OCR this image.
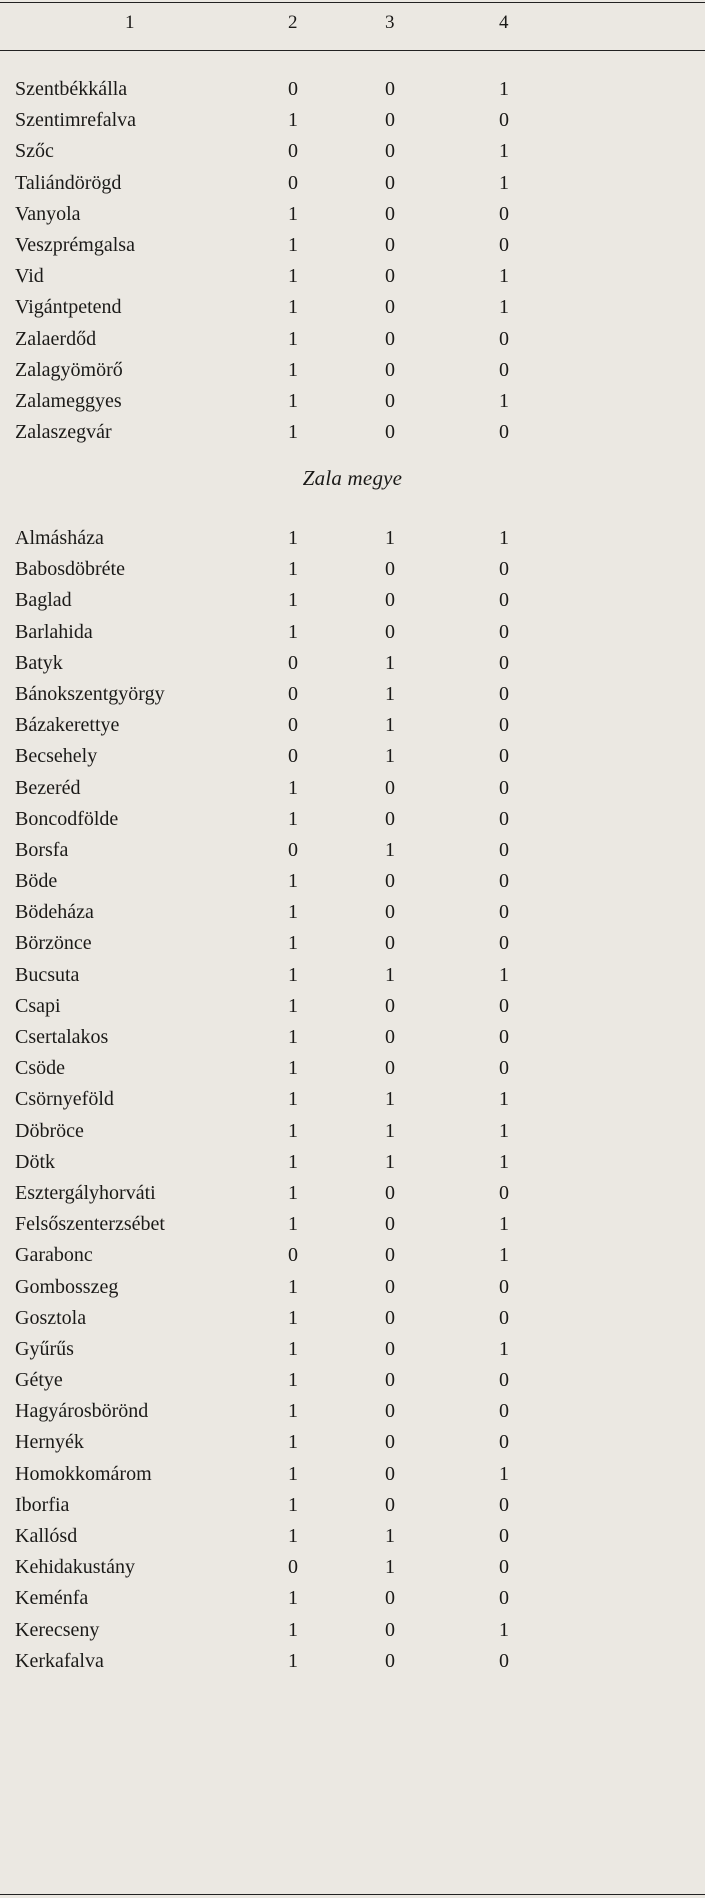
1	2	3	4
Szentbékkálla	0	0	1
Szentimrefalva	1	0	0
Szőc	0	0	1
Taliándörögd	0	0	1
Vanyola	1	0	0
Veszprémgalsa	1	0	0
Vid	1	0	1
Vigántpetend	1	0	1
Zalaerdőd	1	0	0
Zalagyömörő	1	0	0
Zalameggyes	1	0	1
Zalaszegvár	1	0	0
Zala megye
Almásháza	1	1	1
Babosdöbréte	1	0	0
Baglad	1	0	0
Barlahida	1	0	0
Batyk	0	1	0
Bánokszentgyörgy	0	1	0
Bázakerettye	0	1	0
Becsehely	0	1	0
Bezeréd	1	0	0
Boncodfölde	1	0	0
Borsfa	0	1	0
Böde	1	0	0
Bödeháza	1	0	0
Börzönce	1	0	0
Bucsuta	1	1	1
Csapi	1	0	0
Csertalakos	1	0	0
Csöde	1	0	0
Csörnyeföld	1	1	1
Döbröce	1	1	1
Dötk	1	1	1
Esztergályhorváti	1	0	0
Felsőszenterzsébet	1	0	1
Garabonc	0	0	1
Gombosszeg	1	0	0
Gosztola	1	0	0
Gyűrűs	1	0	1
Gétye	1	0	0
Hagyárosbörönd	1	0	0
Hernyék	1	0	0
Homokkomárom	1	0	1
Iborfia	1	0	0
Kallósd	1	1	0
Kehidakustány	0	1	0
Keménfa	1	0	0
Kerecseny	1	0	1
Kerkafalva	1	0	0
